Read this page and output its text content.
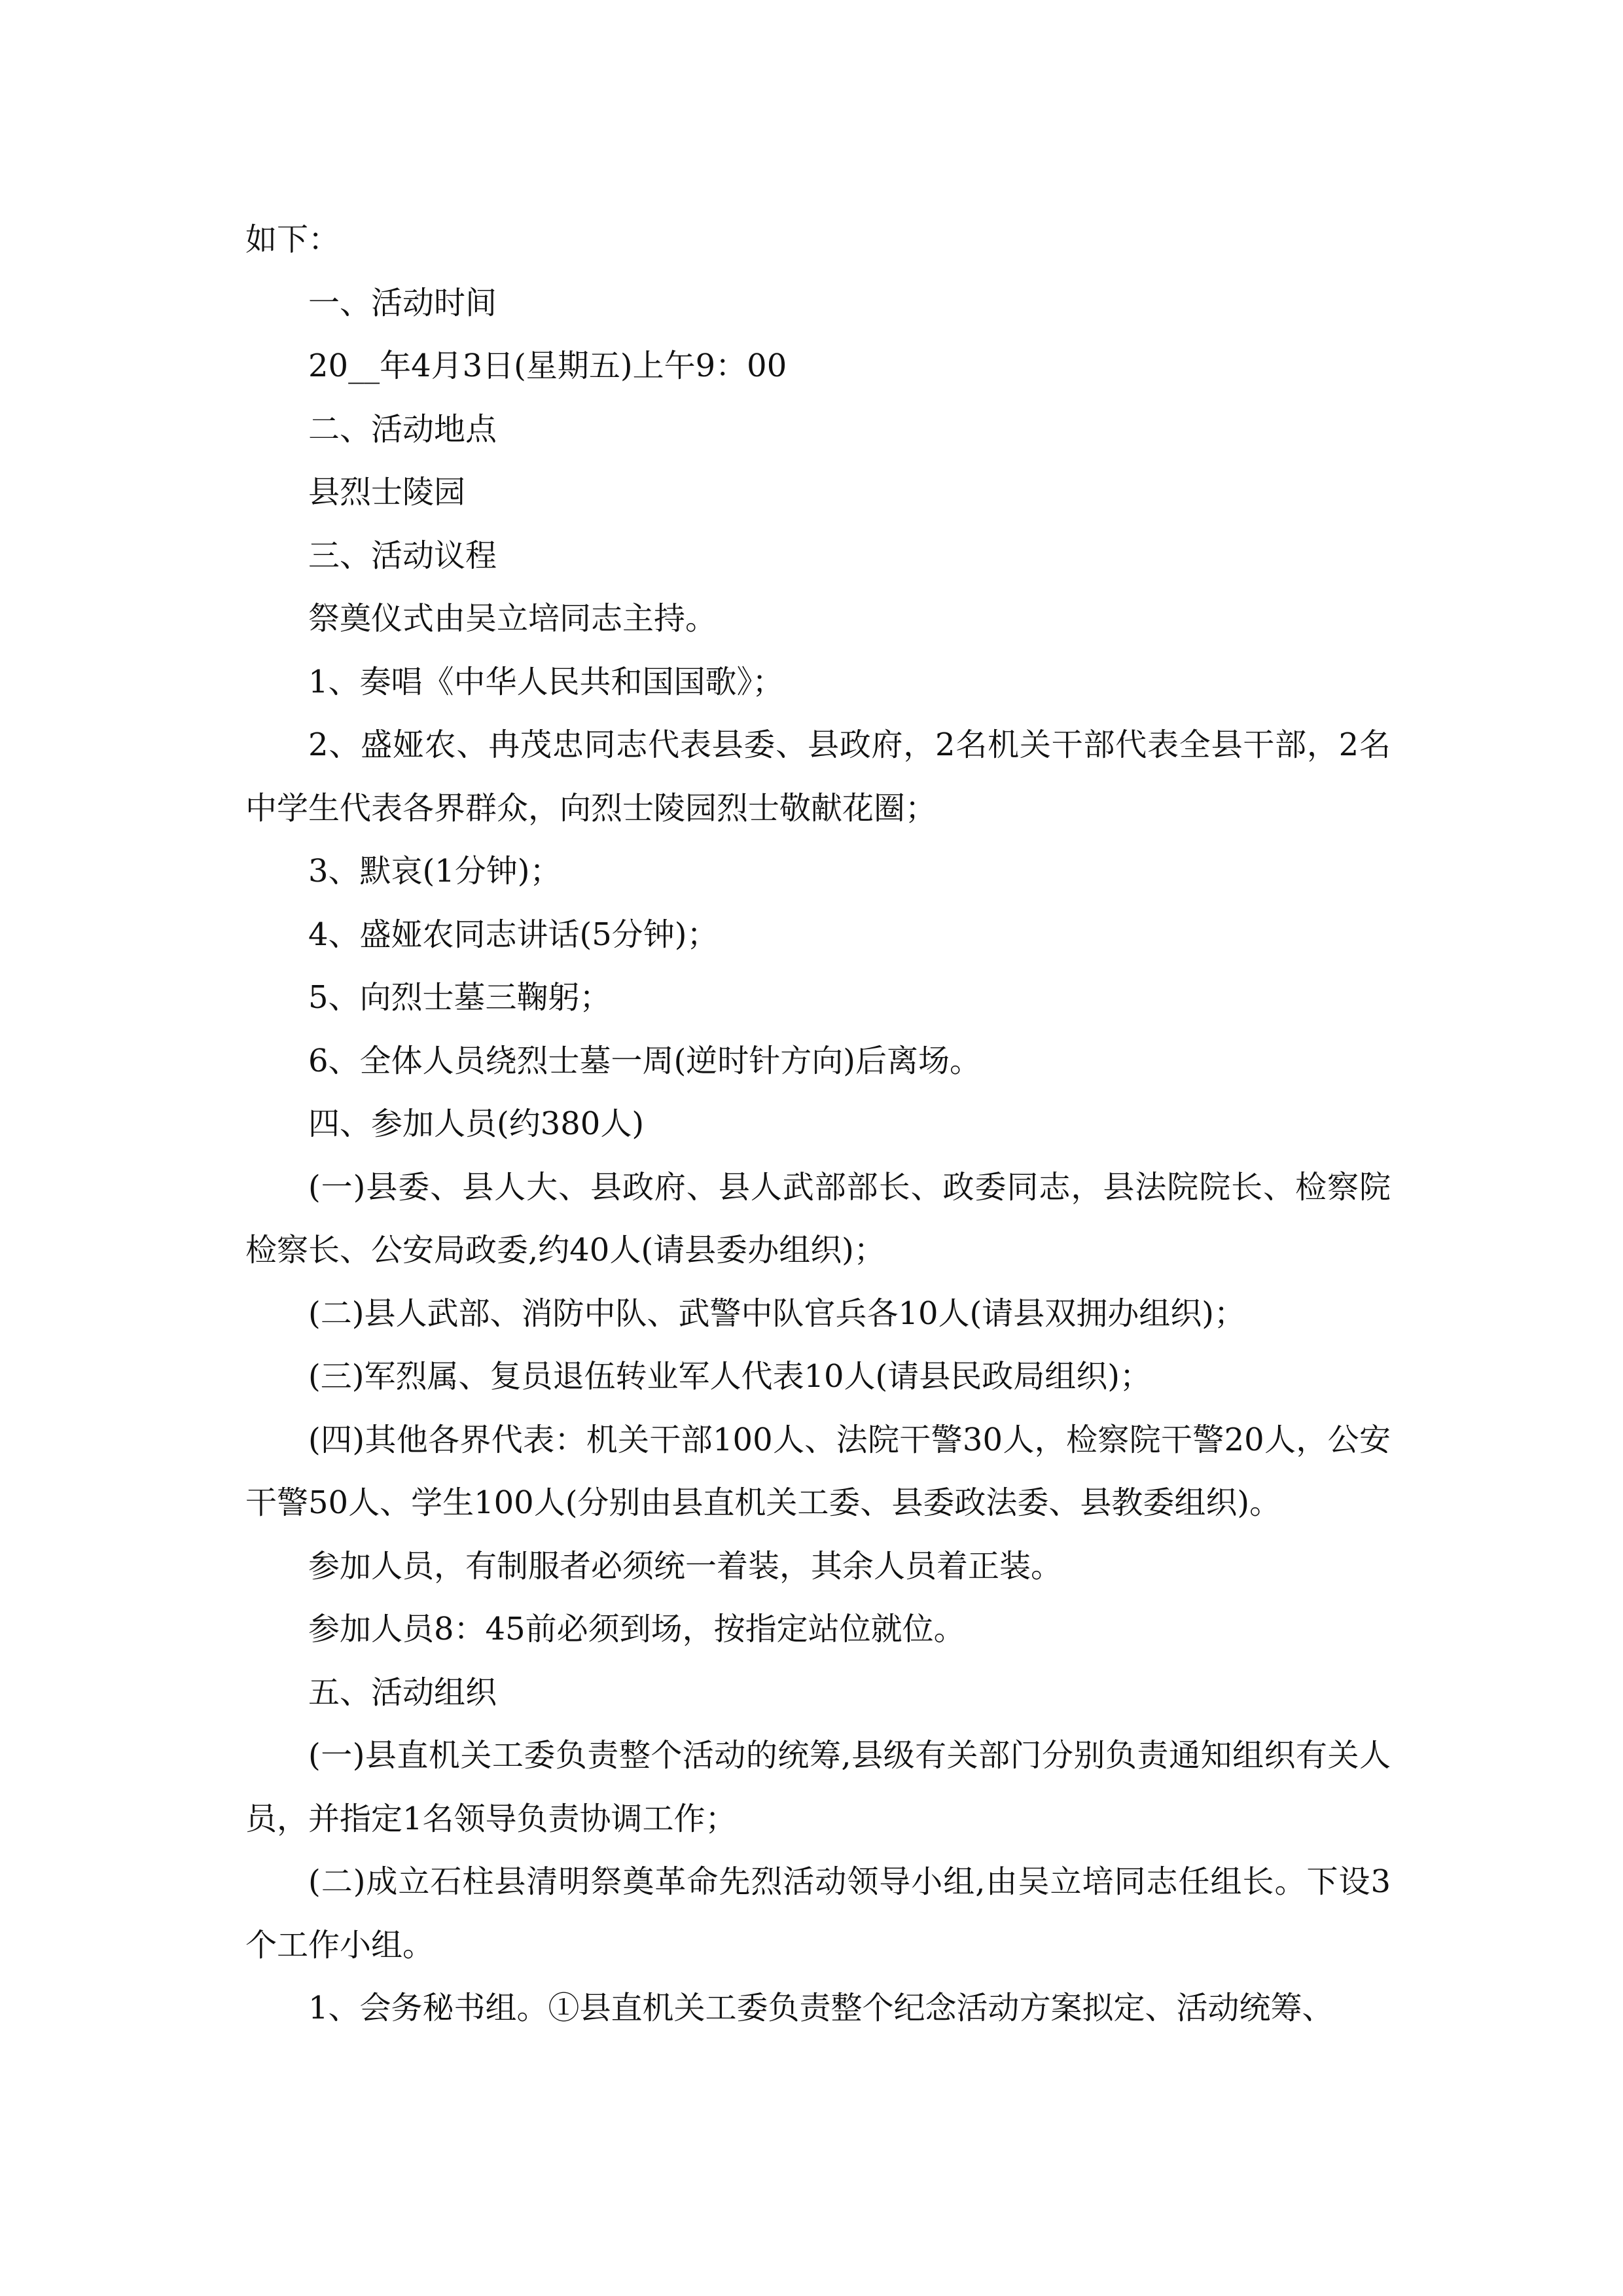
如下：

一、活动时间

20__年4月3日(星期五)上午9：00

二、活动地点

县烈士陵园

三、活动议程

祭奠仪式由吴立培同志主持。

1、奏唱《中华人民共和国国歌》；

2、盛娅农、冉茂忠同志代表县委、县政府，2名机关干部代表全县干部，2名中学生代表各界群众，向烈士陵园烈士敬献花圈；

3、默哀(1分钟)；

4、盛娅农同志讲话(5分钟)；

5、向烈士墓三鞠躬；

6、全体人员绕烈士墓一周(逆时针方向)后离场。

四、参加人员(约380人)

(一)县委、县人大、县政府、县人武部部长、政委同志，县法院院长、检察院检察长、公安局政委,约40人(请县委办组织)；

(二)县人武部、消防中队、武警中队官兵各10人(请县双拥办组织)；

(三)军烈属、复员退伍转业军人代表10人(请县民政局组织)；

(四)其他各界代表：机关干部100人、法院干警30人，检察院干警20人，公安干警50人、学生100人(分别由县直机关工委、县委政法委、县教委组织)。

参加人员，有制服者必须统一着装，其余人员着正装。

参加人员8：45前必须到场，按指定站位就位。

五、活动组织

(一)县直机关工委负责整个活动的统筹,县级有关部门分别负责通知组织有关人员，并指定1名领导负责协调工作；

(二)成立石柱县清明祭奠革命先烈活动领导小组,由吴立培同志任组长。下设3个工作小组。

1、会务秘书组。①县直机关工委负责整个纪念活动方案拟定、活动统筹、
